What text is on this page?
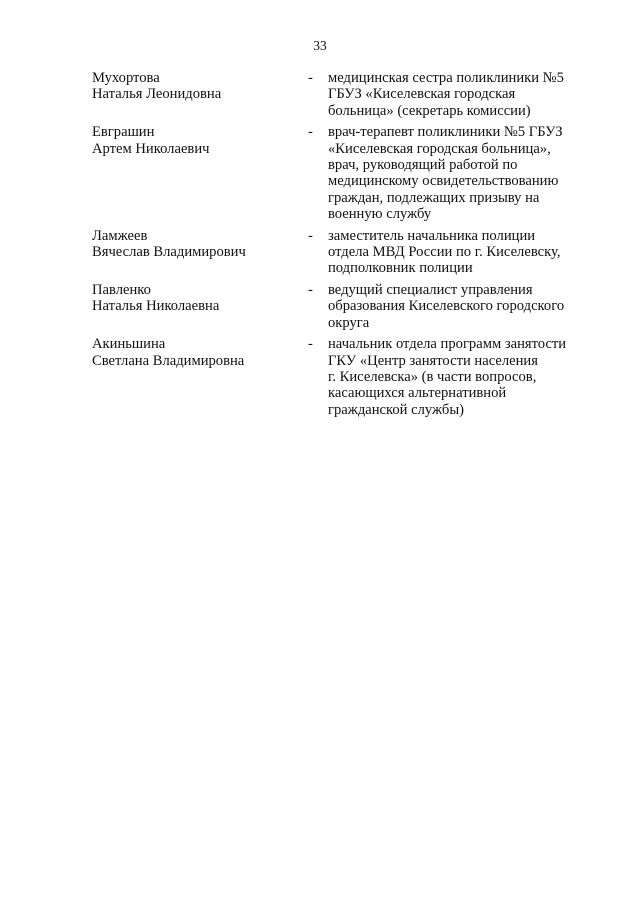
33
Мухортова
Наталья Леонидовна
- медицинская сестра поликлиники №5
ГБУЗ «Киселевская городская
больница» (секретарь комиссии)
Евграшин
Артем Николаевич
- врач-терапевт поликлиники №5 ГБУЗ
«Киселевская городская больница»,
врач, руководящий работой по
медицинскому освидетельствованию
граждан, подлежащих призыву на
военную службу
Ламжеев
Вячеслав Владимирович
- заместитель начальника полиции
отдела МВД России по г. Киселевску,
подполковник полиции
Павленко
Наталья Николаевна
- ведущий специалист управления
образования Киселевского городского
округа
Акиньшина
Светлана Владимировна
- начальник отдела программ занятости
ГКУ «Центр занятости населения
г. Киселевска» (в части вопросов,
касающихся альтернативной
гражданской службы)
